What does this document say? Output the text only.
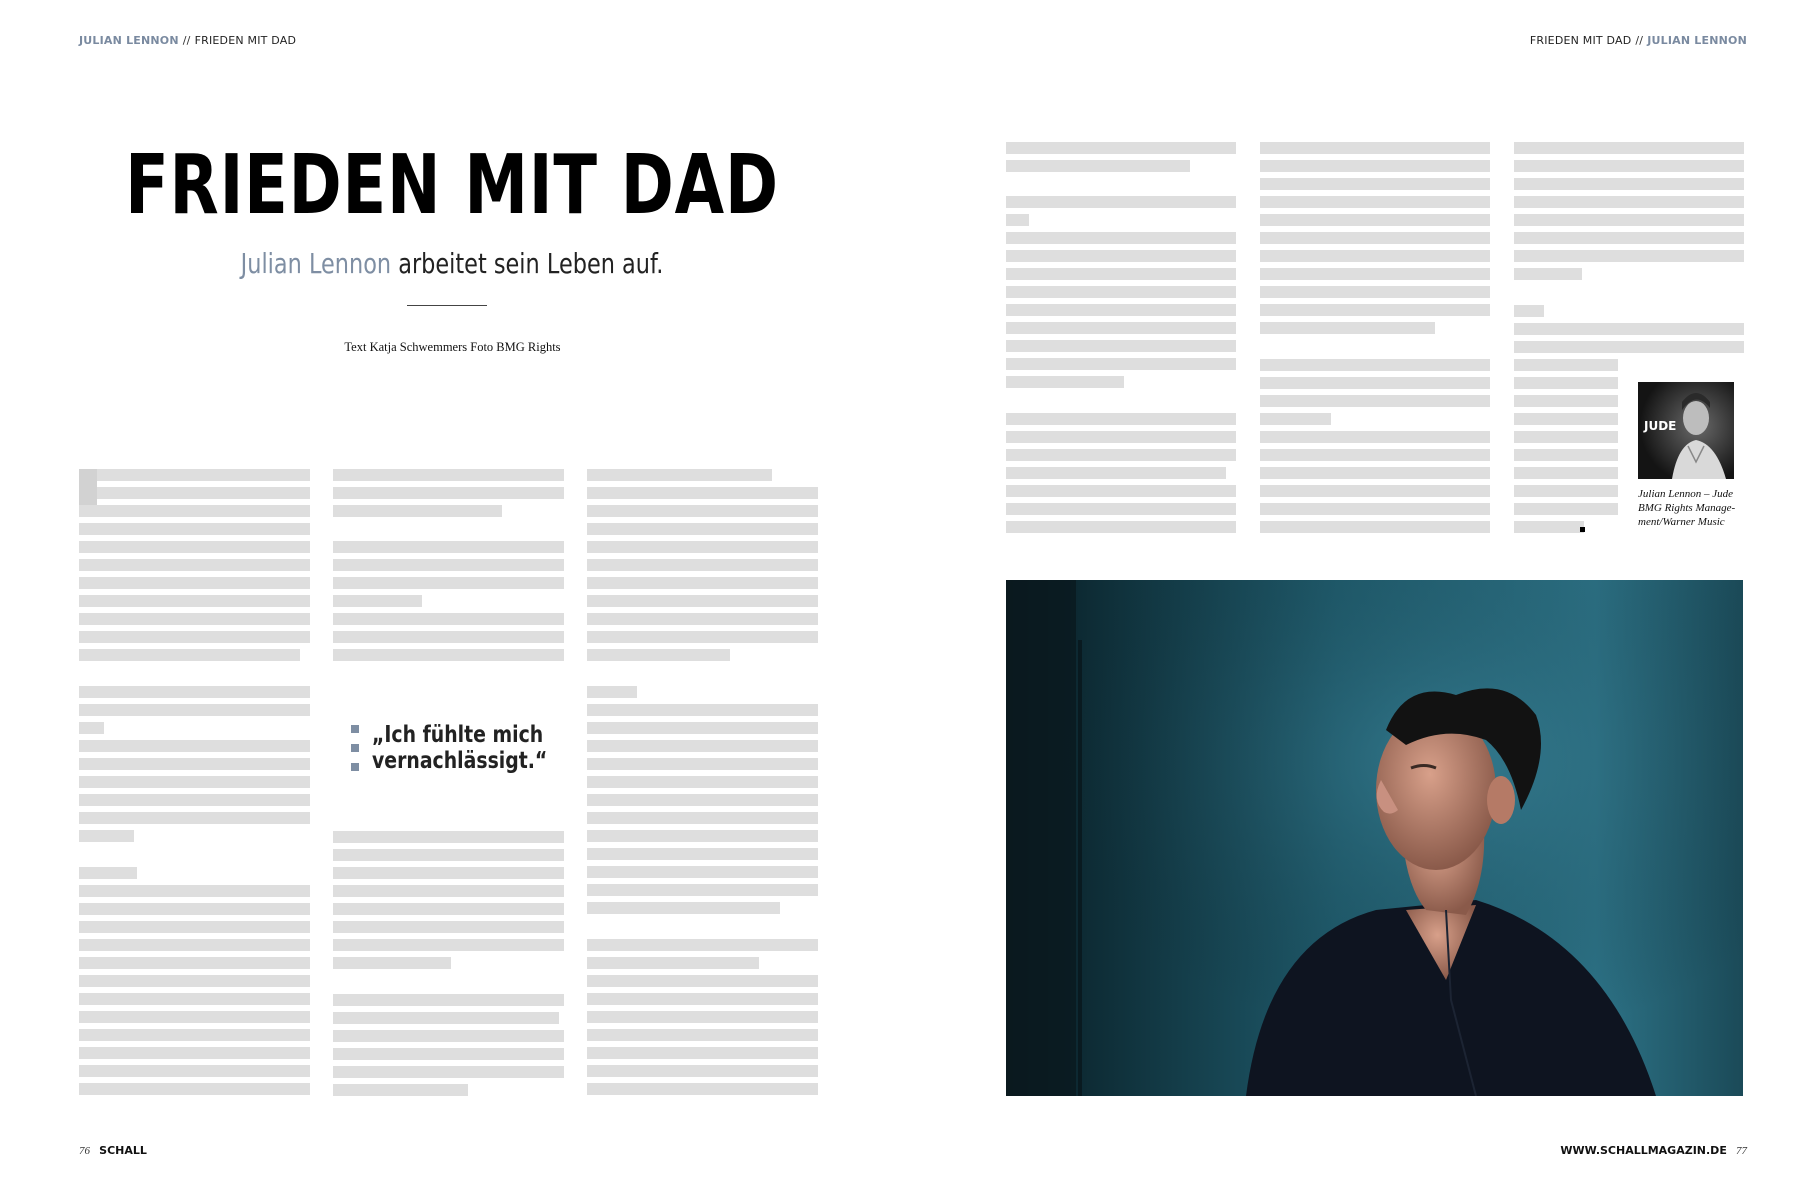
JULIAN LENNON // FRIEDEN MIT DAD
FRIEDEN MIT DAD
Julian Lennon arbeitet sein Leben auf.
Text Katja Schwemmers Foto BMG Rights
„Ich fühlte mich
vernachlässigt.“
76 SCHALL
FRIEDEN MIT DAD // JULIAN LENNON
JUDE
Julian Lennon – Jude
BMG Rights Manage-
ment/Warner Music
WWW.SCHALLMAGAZIN.DE 77
